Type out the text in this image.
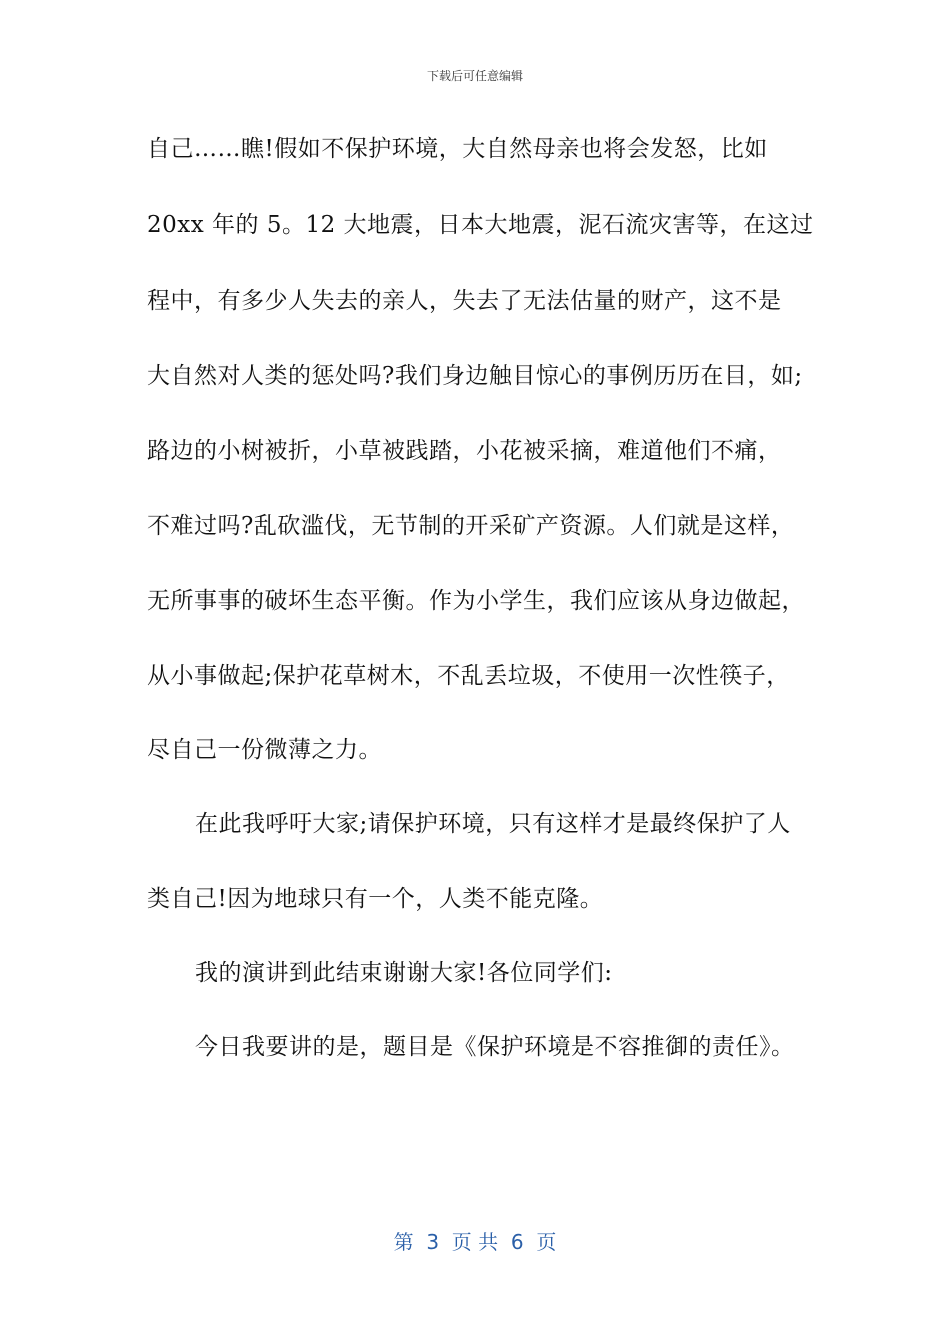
下载后可任意编辑
自己……瞧!假如不保护环境，大自然母亲也将会发怒，比如
20xx 年的 5。12 大地震，日本大地震，泥石流灾害等，在这过
程中，有多少人失去的亲人，失去了无法估量的财产，这不是
大自然对人类的惩处吗?我们身边触目惊心的事例历历在目，如;
路边的小树被折，小草被践踏，小花被采摘，难道他们不痛，
不难过吗?乱砍滥伐，无节制的开采矿产资源。人们就是这样，
无所事事的破坏生态平衡。作为小学生，我们应该从身边做起，
从小事做起;保护花草树木，不乱丢垃圾，不使用一次性筷子，
尽自己一份微薄之力。
在此我呼吁大家;请保护环境，只有这样才是最终保护了人
类自己!因为地球只有一个，人类不能克隆。
我的演讲到此结束谢谢大家!各位同学们:
今日我要讲的是，题目是《保护环境是不容推御的责任》。
第  3  页 共  6  页
